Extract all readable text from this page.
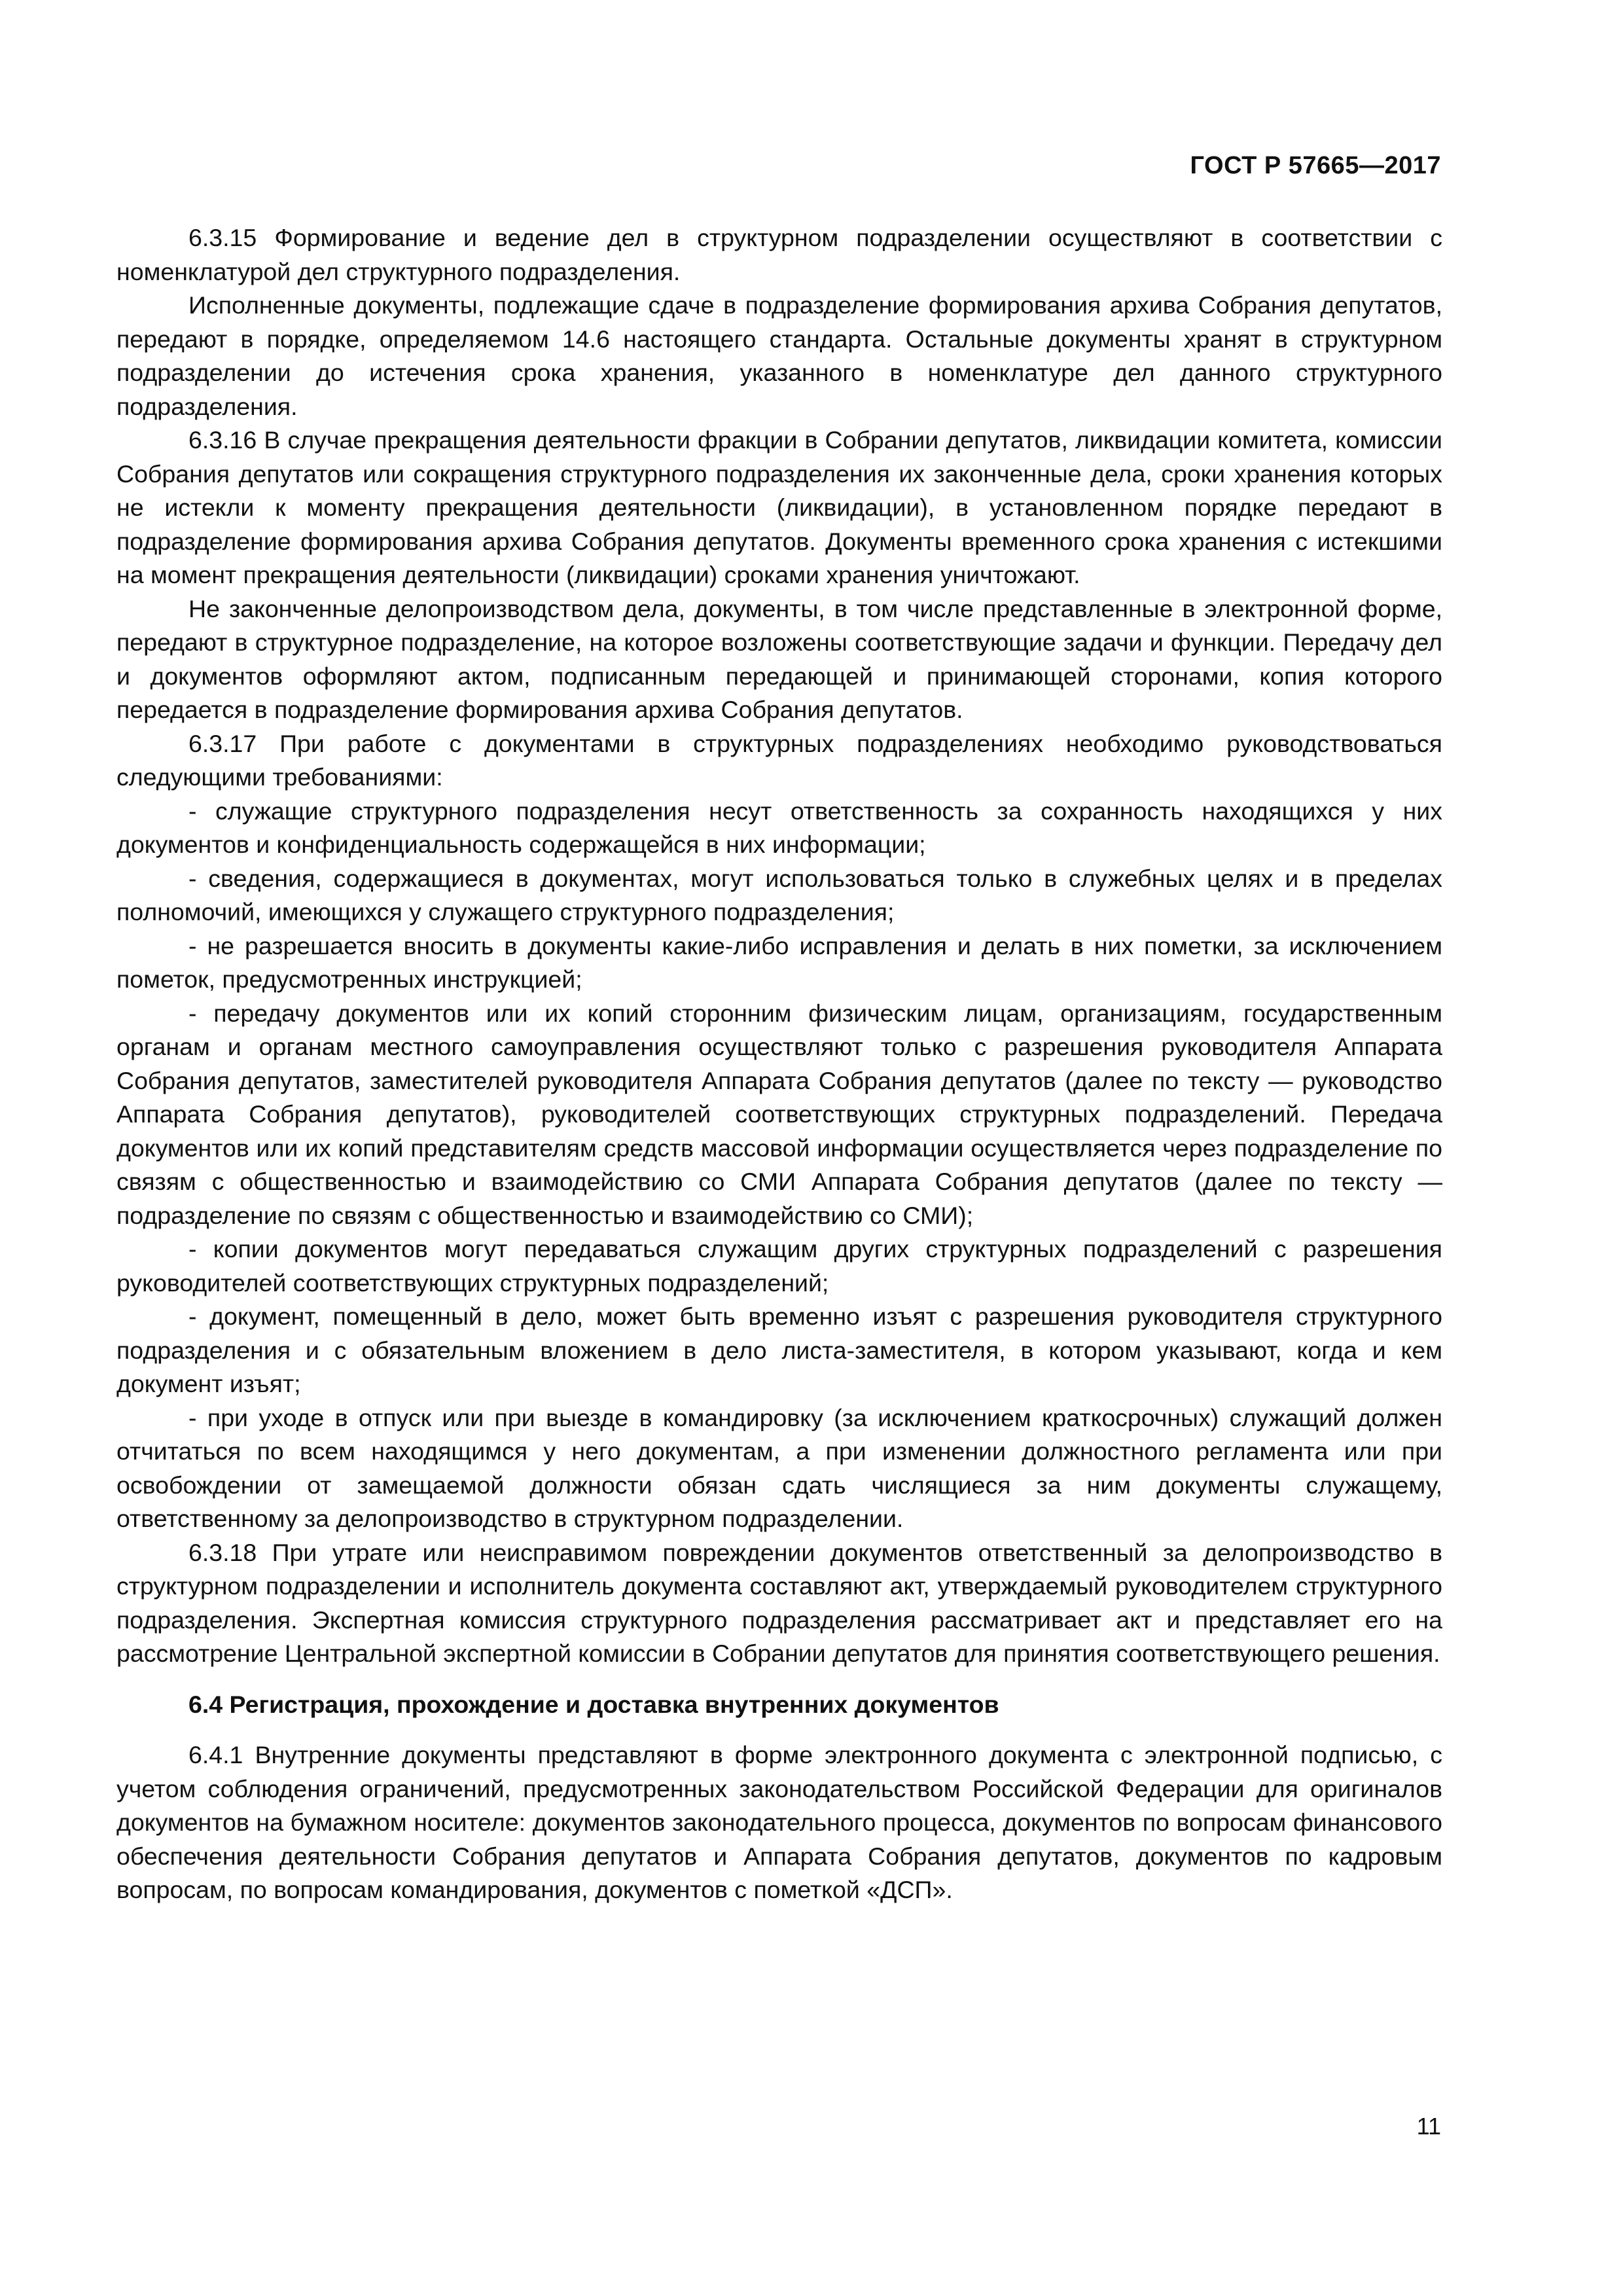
ГОСТ Р 57665—2017

6.3.15 Формирование и ведение дел в структурном подразделении осуществляют в соответствии с номенклатурой дел структурного подразделения.

Исполненные документы, подлежащие сдаче в подразделение формирования архива Собрания депутатов, передают в порядке, определяемом 14.6 настоящего стандарта. Остальные документы хранят в структурном подразделении до истечения срока хранения, указанного в номенклатуре дел данного структурного подразделения.

6.3.16 В случае прекращения деятельности фракции в Собрании депутатов, ликвидации комитета, комиссии Собрания депутатов или сокращения структурного подразделения их законченные дела, сроки хранения которых не истекли к моменту прекращения деятельности (ликвидации), в установленном порядке передают в подразделение формирования архива Собрания депутатов. Документы временного срока хранения с истекшими на момент прекращения деятельности (ликвидации) сроками хранения уничтожают.

Не законченные делопроизводством дела, документы, в том числе представленные в электронной форме, передают в структурное подразделение, на которое возложены соответствующие задачи и функции. Передачу дел и документов оформляют актом, подписанным передающей и принимающей сторонами, копия которого передается в подразделение формирования архива Собрания депутатов.

6.3.17 При работе с документами в структурных подразделениях необходимо руководствоваться следующими требованиями:

- служащие структурного подразделения несут ответственность за сохранность находящихся у них документов и конфиденциальность содержащейся в них информации;

- сведения, содержащиеся в документах, могут использоваться только в служебных целях и в пределах полномочий, имеющихся у служащего структурного подразделения;

- не разрешается вносить в документы какие-либо исправления и делать в них пометки, за исключением пометок, предусмотренных инструкцией;

- передачу документов или их копий сторонним физическим лицам, организациям, государственным органам и органам местного самоуправления осуществляют только с разрешения руководителя Аппарата Собрания депутатов, заместителей руководителя Аппарата Собрания депутатов (далее по тексту — руководство Аппарата Собрания депутатов), руководителей соответствующих структурных подразделений. Передача документов или их копий представителям средств массовой информации осуществляется через подразделение по связям с общественностью и взаимодействию со СМИ Аппарата Собрания депутатов (далее по тексту — подразделение по связям с общественностью и взаимодействию со СМИ);

- копии документов могут передаваться служащим других структурных подразделений с разрешения руководителей соответствующих структурных подразделений;

- документ, помещенный в дело, может быть временно изъят с разрешения руководителя структурного подразделения и с обязательным вложением в дело листа-заместителя, в котором указывают, когда и кем документ изъят;

- при уходе в отпуск или при выезде в командировку (за исключением краткосрочных) служащий должен отчитаться по всем находящимся у него документам, а при изменении должностного регламента или при освобождении от замещаемой должности обязан сдать числящиеся за ним документы служащему, ответственному за делопроизводство в структурном подразделении.

6.3.18 При утрате или неисправимом повреждении документов ответственный за делопроизводство в структурном подразделении и исполнитель документа составляют акт, утверждаемый руководителем структурного подразделения. Экспертная комиссия структурного подразделения рассматривает акт и представляет его на рассмотрение Центральной экспертной комиссии в Собрании депутатов для принятия соответствующего решения.

6.4 Регистрация, прохождение и доставка внутренних документов

6.4.1 Внутренние документы представляют в форме электронного документа с электронной подписью, с учетом соблюдения ограничений, предусмотренных законодательством Российской Федерации для оригиналов документов на бумажном носителе: документов законодательного процесса, документов по вопросам финансового обеспечения деятельности Собрания депутатов и Аппарата Собрания депутатов, документов по кадровым вопросам, по вопросам командирования, документов с пометкой «ДСП».

11
